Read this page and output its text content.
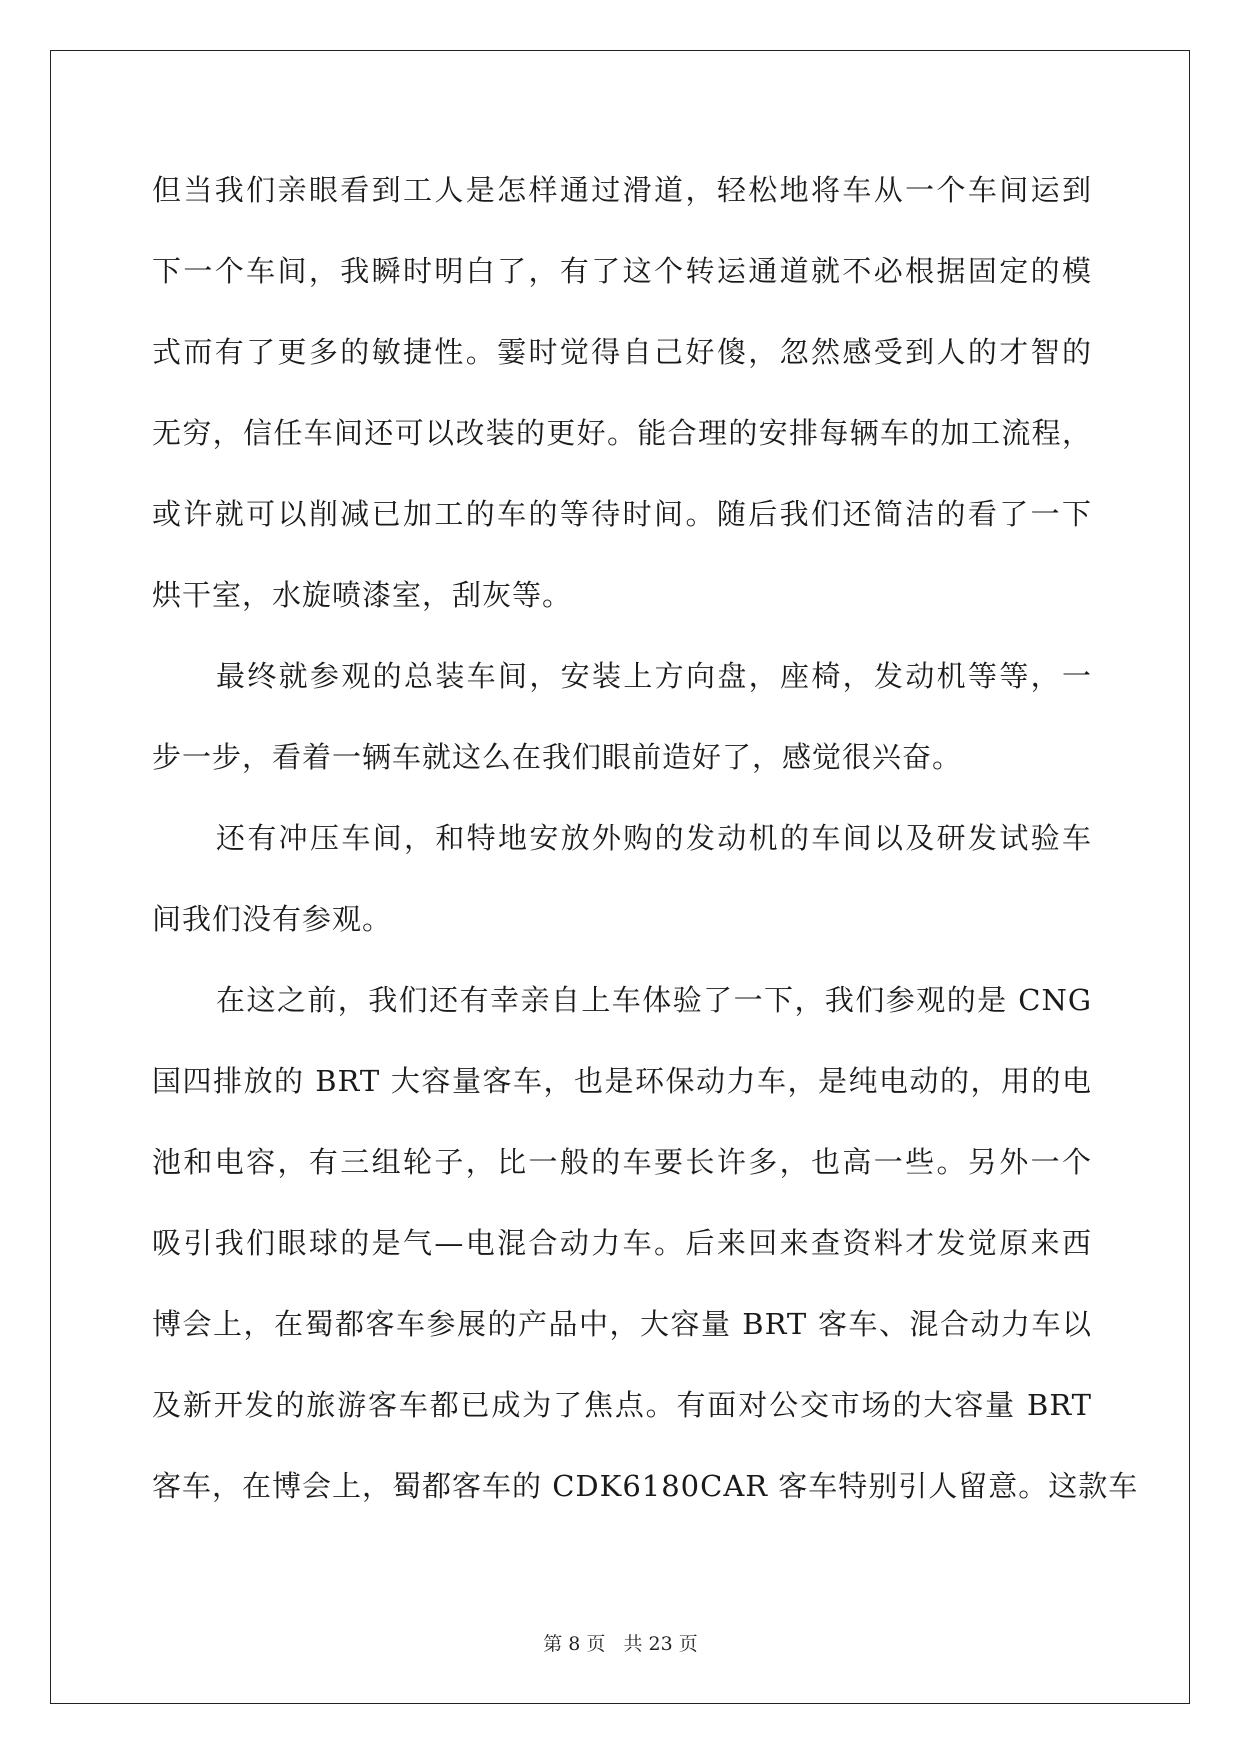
但当我们亲眼看到工人是怎样通过滑道，轻松地将车从一个车间运到
下一个车间，我瞬时明白了，有了这个转运通道就不必根据固定的模
式而有了更多的敏捷性。霎时觉得自己好傻，忽然感受到人的才智的
无穷，信任车间还可以改装的更好。能合理的安排每辆车的加工流程，
或许就可以削减已加工的车的等待时间。随后我们还简洁的看了一下
烘干室，水旋喷漆室，刮灰等。
最终就参观的总装车间，安装上方向盘，座椅，发动机等等，一
步一步，看着一辆车就这么在我们眼前造好了，感觉很兴奋。
还有冲压车间，和特地安放外购的发动机的车间以及研发试验车
间我们没有参观。
在这之前，我们还有幸亲自上车体验了一下，我们参观的是 CNG
国四排放的 BRT 大容量客车，也是环保动力车，是纯电动的，用的电
池和电容，有三组轮子，比一般的车要长许多，也高一些。另外一个
吸引我们眼球的是气—电混合动力车。后来回来查资料才发觉原来西
博会上，在蜀都客车参展的产品中，大容量 BRT 客车、混合动力车以
及新开发的旅游客车都已成为了焦点。有面对公交市场的大容量 BRT
客车，在博会上，蜀都客车的 CDK6180CAR 客车特别引人留意。这款车
第 8 页 共 23 页
